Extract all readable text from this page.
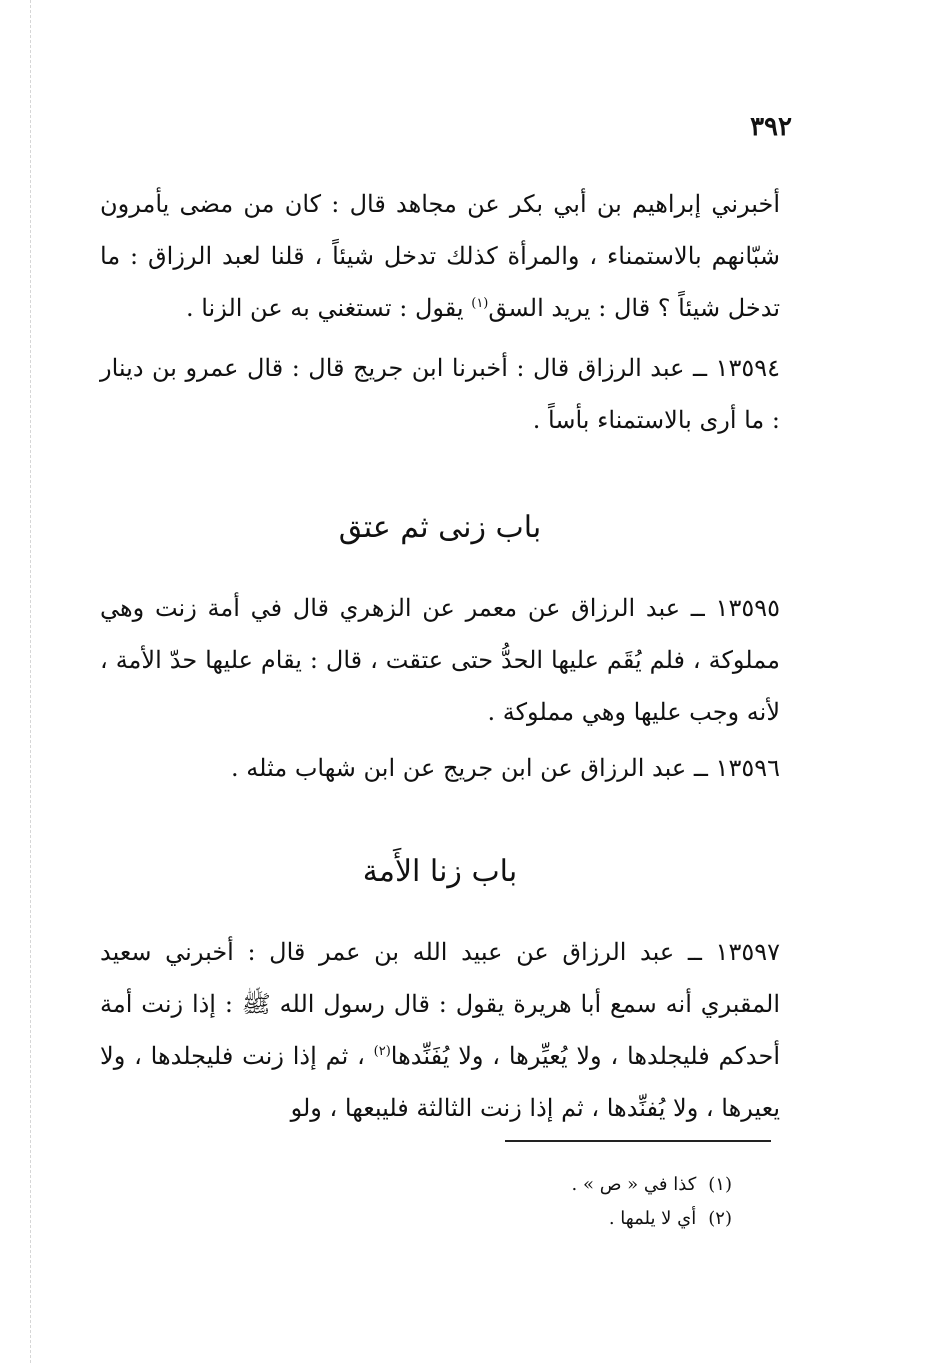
٣٩٢
أخبرني إبراهيم بن أبي بكر عن مجاهد قال : كان من مضى يأمرون شبّانهم بالاستمناء ، والمرأة كذلك تدخل شيئاً ، قلنا لعبد الرزاق : ما تدخل شيئاً ؟ قال : يريد السق$^{(١)}$ يقول : تستغني به عن الزنا .
١٣٥٩٤ ــ عبد الرزاق قال : أخبرنا ابن جريج قال : قال عمرو بن دينار : ما أرى بالاستمناء بأساً .
باب زنى ثم عتق
١٣٥٩٥ ــ عبد الرزاق عن معمر عن الزهري قال في أمة زنت وهي مملوكة ، فلم يُقَم عليها الحدُّ حتى عتقت ، قال : يقام عليها حدّ الأمة ، لأنه وجب عليها وهي مملوكة .
١٣٥٩٦ ــ عبد الرزاق عن ابن جريج عن ابن شهاب مثله .
باب زنا الأَمة
١٣٥٩٧ ــ عبد الرزاق عن عبيد الله بن عمر قال : أخبرني سعيد المقبري أنه سمع أبا هريرة يقول : قال رسول الله ﷺ : إذا زنت أمة أحدكم فليجلدها ، ولا يُعيِّرها ، ولا يُفَنِّدها$^{(٢)}$ ، ثم إذا زنت فليجلدها ، ولا يعيرها ، ولا يُفنِّدها ، ثم إذا زنت الثالثة فليبعها ، ولو
(١)كذا في « ص » .
(٢)أي لا يلمها .
